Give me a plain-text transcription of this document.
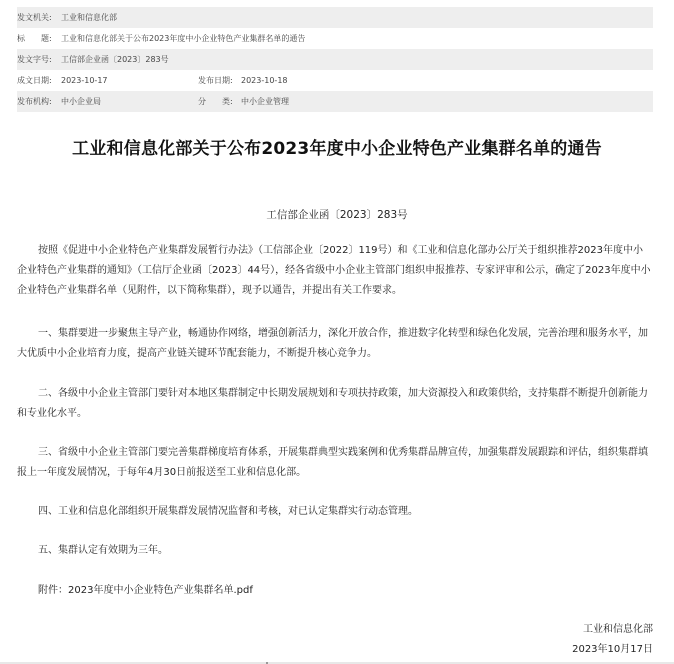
发文机关: 工业和信息化部
标　　题: 工业和信息化部关于公布2023年度中小企业特色产业集群名单的通告
发文字号: 工信部企业函〔2023〕283号
成文日期: 2023-10-17	发布日期: 2023-10-18
发布机构: 中小企业局	分　　类: 中小企业管理
工业和信息化部关于公布2023年度中小企业特色产业集群名单的通告
工信部企业函〔2023〕283号
按照《促进中小企业特色产业集群发展暂行办法》（工信部企业〔2022〕119号）和《工业和信息化部办公厅关于组织推荐2023年度中小企业特色产业集群的通知》（工信厅企业函〔2023〕44号），经各省级中小企业主管部门组织申报推荐、专家评审和公示，确定了2023年度中小企业特色产业集群名单（见附件，以下简称集群），现予以通告，并提出有关工作要求。
一、集群要进一步聚焦主导产业，畅通协作网络，增强创新活力，深化开放合作，推进数字化转型和绿色化发展，完善治理和服务水平，加大优质中小企业培育力度，提高产业链关键环节配套能力，不断提升核心竞争力。
二、各级中小企业主管部门要针对本地区集群制定中长期发展规划和专项扶持政策，加大资源投入和政策供给，支持集群不断提升创新能力和专业化水平。
三、省级中小企业主管部门要完善集群梯度培育体系，开展集群典型实践案例和优秀集群品牌宣传，加强集群发展跟踪和评估，组织集群填报上一年度发展情况，于每年4月30日前报送至工业和信息化部。
四、工业和信息化部组织开展集群发展情况监督和考核，对已认定集群实行动态管理。
五、集群认定有效期为三年。
附件：2023年度中小企业特色产业集群名单.pdf
工业和信息化部
2023年10月17日
